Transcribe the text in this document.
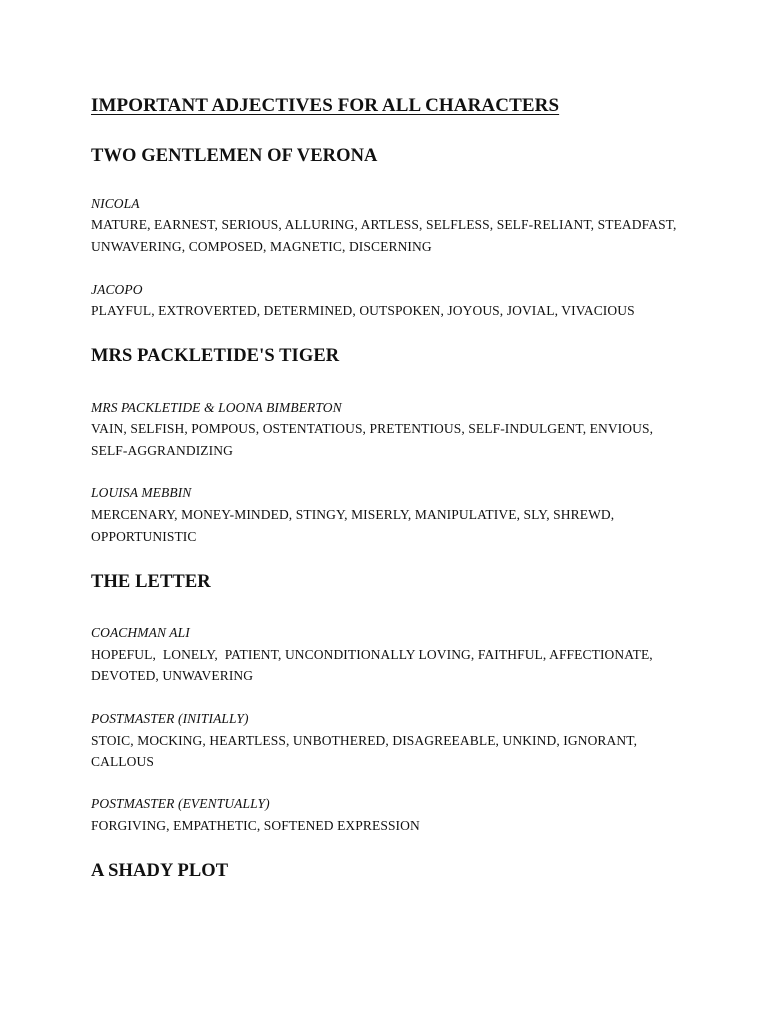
IMPORTANT ADJECTIVES FOR ALL CHARACTERS
TWO GENTLEMEN OF VERONA

NICOLA

MATURE, EARNEST, SERIOUS, ALLURING, ARTLESS, SELFLESS, SELF-RELIANT, STEADFAST,

UNWAVERING, COMPOSED, MAGNETIC, DISCERNING

JACOPO

PLAYFUL, EXTROVERTED, DETERMINED, OUTSPOKEN, JOYOUS, JOVIAL, VIVACIOUS

MRS PACKLETIDE'S TIGER

MRS PACKLETIDE & LOONA BIMBERTON

VAIN, SELFISH, POMPOUS, OSTENTATIOUS, PRETENTIOUS, SELF-INDULGENT, ENVIOUS,

SELF-AGGRANDIZING

LOUISA MEBBIN

MERCENARY, MONEY-MINDED, STINGY, MISERLY, MANIPULATIVE, SLY, SHREWD,

OPPORTUNISTIC

THE LETTER

COACHMAN ALI

HOPEFUL,  LONELY,  PATIENT, UNCONDITIONALLY LOVING, FAITHFUL, AFFECTIONATE,

DEVOTED, UNWAVERING

POSTMASTER (INITIALLY)

STOIC, MOCKING, HEARTLESS, UNBOTHERED, DISAGREEABLE, UNKIND, IGNORANT,

CALLOUS

POSTMASTER (EVENTUALLY)

FORGIVING, EMPATHETIC, SOFTENED EXPRESSION

A SHADY PLOT
